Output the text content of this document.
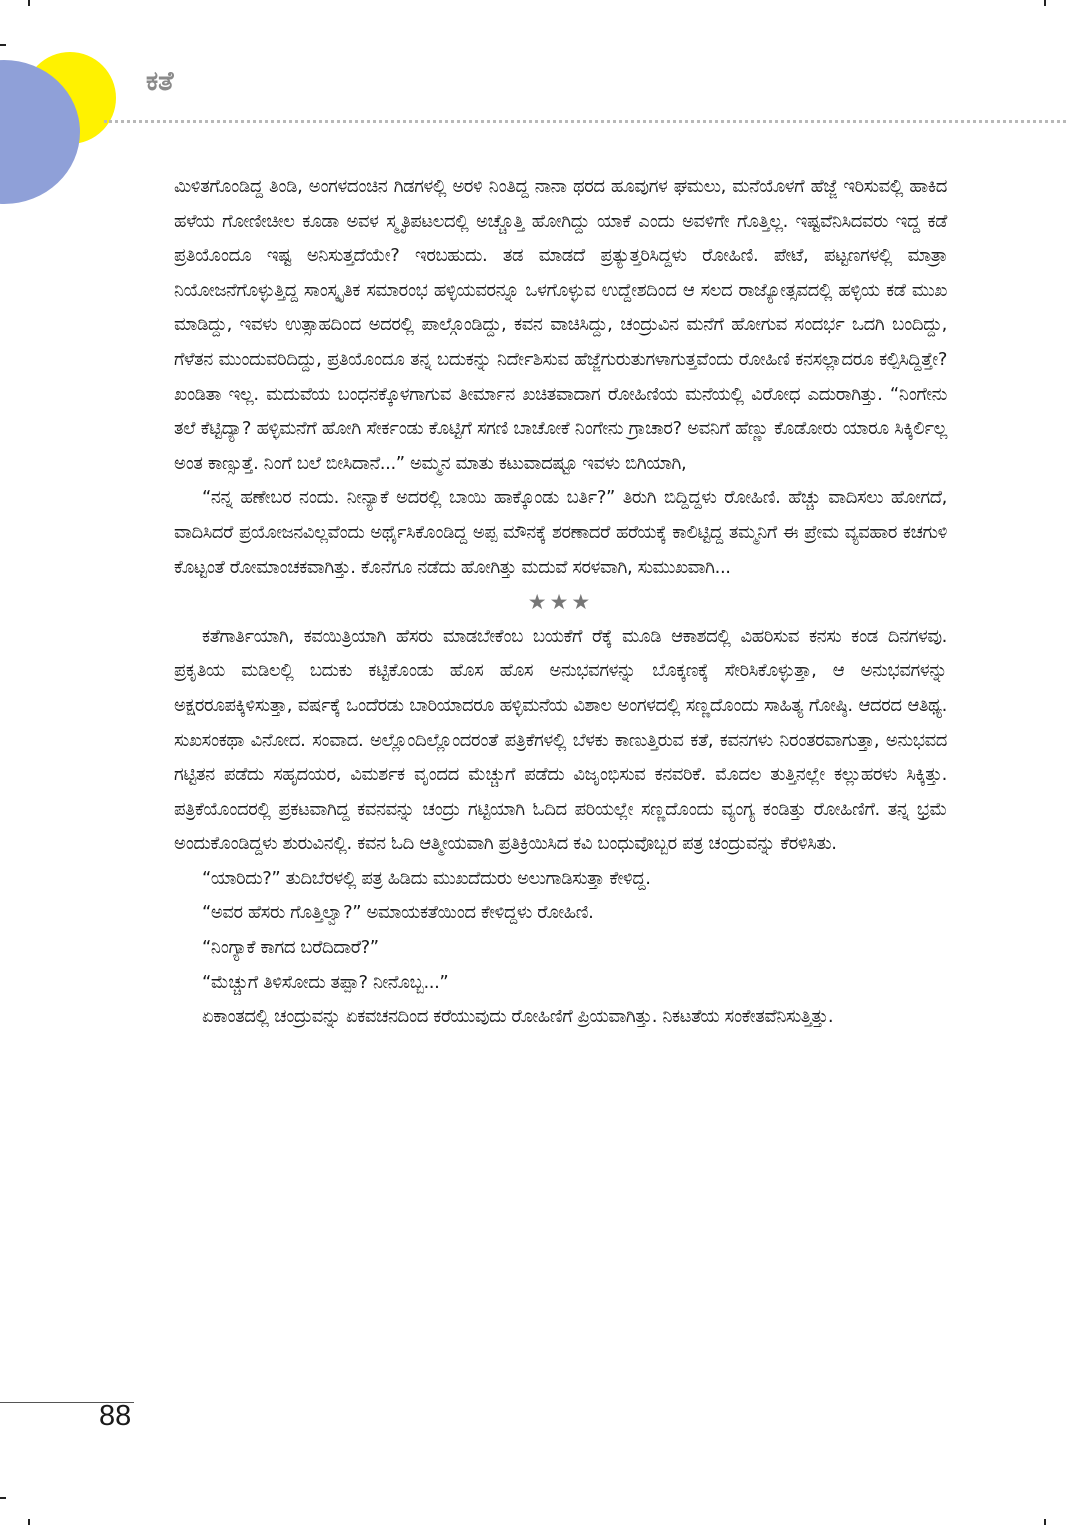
ಕತೆ

ಮಿಳಿತಗೊಂಡಿದ್ದ ತಿಂಡಿ, ಅಂಗಳದಂಚಿನ ಗಿಡಗಳಲ್ಲಿ ಅರಳಿ ನಿಂತಿದ್ದ ನಾನಾ ಥರದ ಹೂವುಗಳ ಘಮಲು, ಮನೆಯೊಳಗೆ ಹೆಜ್ಜೆ ಇರಿಸುವಲ್ಲಿ ಹಾಕಿದ ಹಳೆಯ ಗೋಣೀಚೀಲ ಕೂಡಾ ಅವಳ ಸ್ಮೃತಿಪಟಲದಲ್ಲಿ ಅಚ್ಚೊತ್ತಿ ಹೋಗಿದ್ದು ಯಾಕೆ ಎಂದು ಅವಳಿಗೇ ಗೊತ್ತಿಲ್ಲ. ಇಷ್ಟವೆನಿಸಿದವರು ಇದ್ದ ಕಡೆ ಪ್ರತಿಯೊಂದೂ ಇಷ್ಟ ಅನಿಸುತ್ತದೆಯೇ? ಇರಬಹುದು. ತಡ ಮಾಡದೆ ಪ್ರತ್ಯುತ್ತರಿಸಿದ್ದಳು ರೋಹಿಣಿ. ಪೇಟೆ, ಪಟ್ಟಣಗಳಲ್ಲಿ ಮಾತ್ರಾ ನಿಯೋಜನೆಗೊಳ್ಳುತ್ತಿದ್ದ ಸಾಂಸ್ಕೃತಿಕ ಸಮಾರಂಭ ಹಳ್ಳಿಯವರನ್ನೂ ಒಳಗೊಳ್ಳುವ ಉದ್ದೇಶದಿಂದ ಆ ಸಲದ ರಾಜ್ಯೋತ್ಸವದಲ್ಲಿ ಹಳ್ಳಿಯ ಕಡೆ ಮುಖ ಮಾಡಿದ್ದು, ಇವಳು ಉತ್ಸಾಹದಿಂದ ಅದರಲ್ಲಿ ಪಾಲ್ಗೊಂಡಿದ್ದು, ಕವನ ವಾಚಿಸಿದ್ದು, ಚಂದ್ರುವಿನ ಮನೆಗೆ ಹೋಗುವ ಸಂದರ್ಭ ಒದಗಿ ಬಂದಿದ್ದು, ಗೆಳೆತನ ಮುಂದುವರಿದಿದ್ದು, ಪ್ರತಿಯೊಂದೂ ತನ್ನ ಬದುಕನ್ನು ನಿರ್ದೇಶಿಸುವ ಹೆಜ್ಜೆಗುರುತುಗಳಾಗುತ್ತವೆಂದು ರೋಹಿಣಿ ಕನಸಲ್ಲಾದರೂ ಕಲ್ಪಿಸಿದ್ದಿತ್ತೇ? ಖಂಡಿತಾ ಇಲ್ಲ. ಮದುವೆಯ ಬಂಧನಕ್ಕೊಳಗಾಗುವ ತೀರ್ಮಾನ ಖಚಿತವಾದಾಗ ರೋಹಿಣಿಯ ಮನೆಯಲ್ಲಿ ವಿರೋಧ ಎದುರಾಗಿತ್ತು. “ನಿಂಗೇನು ತಲೆ ಕೆಟ್ಟಿದ್ಯಾ? ಹಳ್ಳಿಮನೆಗೆ ಹೋಗಿ ಸೇರ್ಕಂಡು ಕೊಟ್ಟಿಗೆ ಸಗಣಿ ಬಾಚೋಕೆ ನಿಂಗೇನು ಗ್ರಾಚಾರ? ಅವನಿಗೆ ಹೆಣ್ಣು ಕೊಡೋರು ಯಾರೂ ಸಿಕ್ಕಿರ್ಲಿಲ್ಲ ಅಂತ ಕಾಣ್ಸುತ್ತೆ. ನಿಂಗೆ ಬಲೆ ಬೀಸಿದಾನೆ...” ಅಮ್ಮನ ಮಾತು ಕಟುವಾದಷ್ಟೂ ಇವಳು ಬಿಗಿಯಾಗಿ,

“ನನ್ನ ಹಣೇಬರ ನಂದು. ನೀನ್ಯಾಕೆ ಅದರಲ್ಲಿ ಬಾಯಿ ಹಾಕ್ಕೊಂಡು ಬರ್ತಿ?” ತಿರುಗಿ ಬಿದ್ದಿದ್ದಳು ರೋಹಿಣಿ. ಹೆಚ್ಚು ವಾದಿಸಲು ಹೋಗದೆ, ವಾದಿಸಿದರೆ ಪ್ರಯೋಜನವಿಲ್ಲವೆಂದು ಅರ್ಥೈಸಿಕೊಂಡಿದ್ದ ಅಪ್ಪ ಮೌನಕ್ಕೆ ಶರಣಾದರೆ ಹರೆಯಕ್ಕೆ ಕಾಲಿಟ್ಟಿದ್ದ ತಮ್ಮನಿಗೆ ಈ ಪ್ರೇಮ ವ್ಯವಹಾರ ಕಚಗುಳಿ ಕೊಟ್ಟಂತೆ ರೋಮಾಂಚಕವಾಗಿತ್ತು. ಕೊನೆಗೂ ನಡೆದು ಹೋಗಿತ್ತು ಮದುವೆ ಸರಳವಾಗಿ, ಸುಮುಖವಾಗಿ...

★★★

ಕತೆಗಾರ್ತಿಯಾಗಿ, ಕವಯಿತ್ರಿಯಾಗಿ ಹೆಸರು ಮಾಡಬೇಕೆಂಬ ಬಯಕೆಗೆ ರೆಕ್ಕೆ ಮೂಡಿ ಆಕಾಶದಲ್ಲಿ ವಿಹರಿಸುವ ಕನಸು ಕಂಡ ದಿನಗಳವು. ಪ್ರಕೃತಿಯ ಮಡಿಲಲ್ಲಿ ಬದುಕು ಕಟ್ಟಿಕೊಂಡು ಹೊಸ ಹೊಸ ಅನುಭವಗಳನ್ನು ಬೊಕ್ಕಣಕ್ಕೆ ಸೇರಿಸಿಕೊಳ್ಳುತ್ತಾ, ಆ ಅನುಭವಗಳನ್ನು ಅಕ್ಷರರೂಪಕ್ಕಿಳಿಸುತ್ತಾ, ವರ್ಷಕ್ಕೆ ಒಂದೆರಡು ಬಾರಿಯಾದರೂ ಹಳ್ಳಿಮನೆಯ ವಿಶಾಲ ಅಂಗಳದಲ್ಲಿ ಸಣ್ಣದೊಂದು ಸಾಹಿತ್ಯ ಗೋಷ್ಠಿ. ಆದರದ ಆತಿಥ್ಯ. ಸುಖಸಂಕಥಾ ವಿನೋದ. ಸಂವಾದ. ಅಲ್ಲೊಂದಿಲ್ಲೊಂದರಂತೆ ಪತ್ರಿಕೆಗಳಲ್ಲಿ ಬೆಳಕು ಕಾಣುತ್ತಿರುವ ಕತೆ, ಕವನಗಳು ನಿರಂತರವಾಗುತ್ತಾ, ಅನುಭವದ ಗಟ್ಟಿತನ ಪಡೆದು ಸಹೃದಯರ, ವಿಮರ್ಶಕ ವೃಂದದ ಮೆಚ್ಚುಗೆ ಪಡೆದು ವಿಜೃಂಭಿಸುವ ಕನವರಿಕೆ. ಮೊದಲ ತುತ್ತಿನಲ್ಲೇ ಕಲ್ಲುಹರಳು ಸಿಕ್ಕಿತ್ತು. ಪತ್ರಿಕೆಯೊಂದರಲ್ಲಿ ಪ್ರಕಟವಾಗಿದ್ದ ಕವನವನ್ನು ಚಂದ್ರು ಗಟ್ಟಿಯಾಗಿ ಓದಿದ ಪರಿಯಲ್ಲೇ ಸಣ್ಣದೊಂದು ವ್ಯಂಗ್ಯ ಕಂಡಿತ್ತು ರೋಹಿಣಿಗೆ. ತನ್ನ ಭ್ರಮೆ ಅಂದುಕೊಂಡಿದ್ದಳು ಶುರುವಿನಲ್ಲಿ. ಕವನ ಓದಿ ಆತ್ಮೀಯವಾಗಿ ಪ್ರತಿಕ್ರಿಯಿಸಿದ ಕವಿ ಬಂಧುವೊಬ್ಬರ ಪತ್ರ ಚಂದ್ರುವನ್ನು ಕೆರಳಿಸಿತು.

“ಯಾರಿದು?” ತುದಿಬೆರಳಲ್ಲಿ ಪತ್ರ ಹಿಡಿದು ಮುಖದೆದುರು ಅಲುಗಾಡಿಸುತ್ತಾ ಕೇಳಿದ್ದ.

“ಅವರ ಹೆಸರು ಗೊತ್ತಿಲ್ವಾ?” ಅಮಾಯಕತೆಯಿಂದ ಕೇಳಿದ್ದಳು ರೋಹಿಣಿ.

“ನಿಂಗ್ಯಾಕೆ ಕಾಗದ ಬರೆದಿದಾರೆ?”

“ಮೆಚ್ಚುಗೆ ತಿಳಿಸೋದು ತಪ್ಪಾ? ನೀನೊಬ್ಬ...”

ಏಕಾಂತದಲ್ಲಿ ಚಂದ್ರುವನ್ನು ಏಕವಚನದಿಂದ ಕರೆಯುವುದು ರೋಹಿಣಿಗೆ ಪ್ರಿಯವಾಗಿತ್ತು. ನಿಕಟತೆಯ ಸಂಕೇತವೆನಿಸುತ್ತಿತ್ತು.

88
